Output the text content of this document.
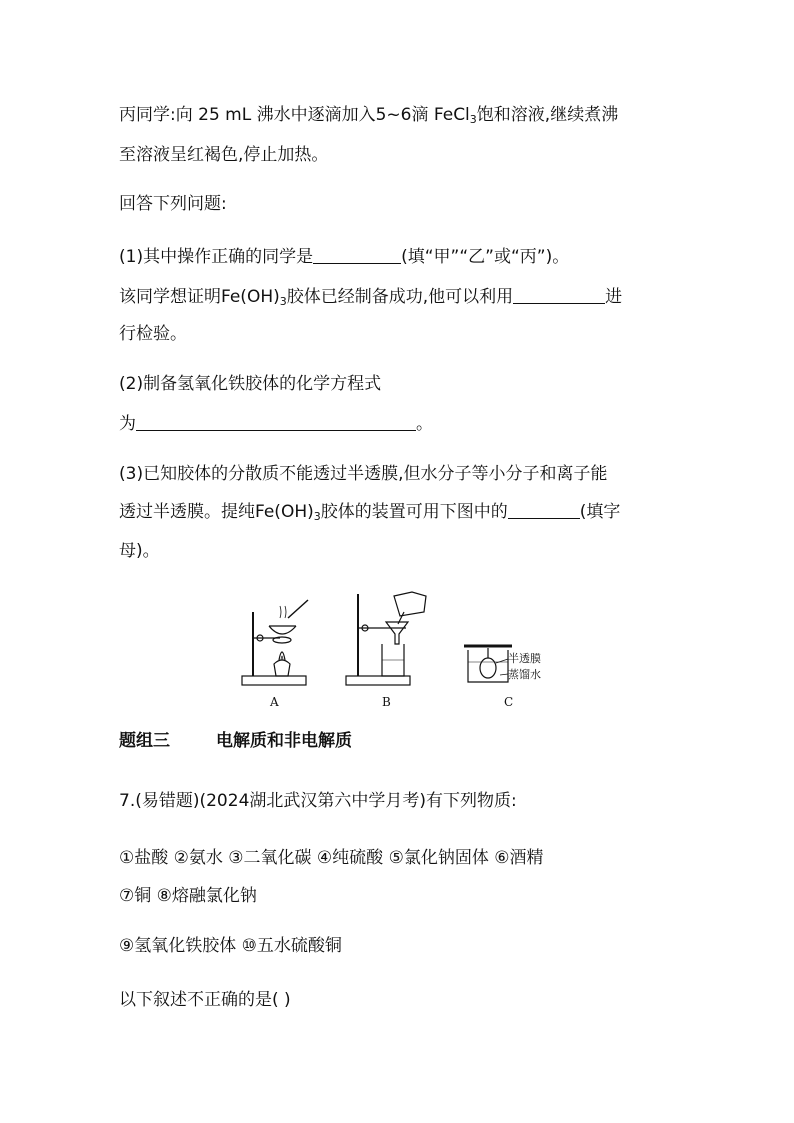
丙同学:向 25 mL 沸水中逐滴加入5~6滴 FeCl$_3$饱和溶液,继续煮沸
至溶液呈红褐色,停止加热。
回答下列问题:
(1)其中操作正确的同学是	(填“甲”“乙”或“丙”)。
该同学想证明$Fe(OH)_3$胶体已经制备成功,他可以利用	进
行检验。
(2)制备氢氧化铁胶体的化学方程式
为	。
(3)已知胶体的分散质不能透过半透膜,但水分子等小分子和离子能
透过半透膜。提纯$Fe(OH)_3$胶体的装置可用下图中的	(填字
母)。
A	B	C
半透膜
蒸馏水
题组三	电解质和非电解质
7.(易错题)(2024湖北武汉第六中学月考)有下列物质:
①盐酸 ②氨水 ③二氧化碳 ④纯硫酸 ⑤氯化钠固体 ⑥酒精
⑦铜 ⑧熔融氯化钠
⑨氢氧化铁胶体 ⑩五水硫酸铜
以下叙述不正确的是( )
